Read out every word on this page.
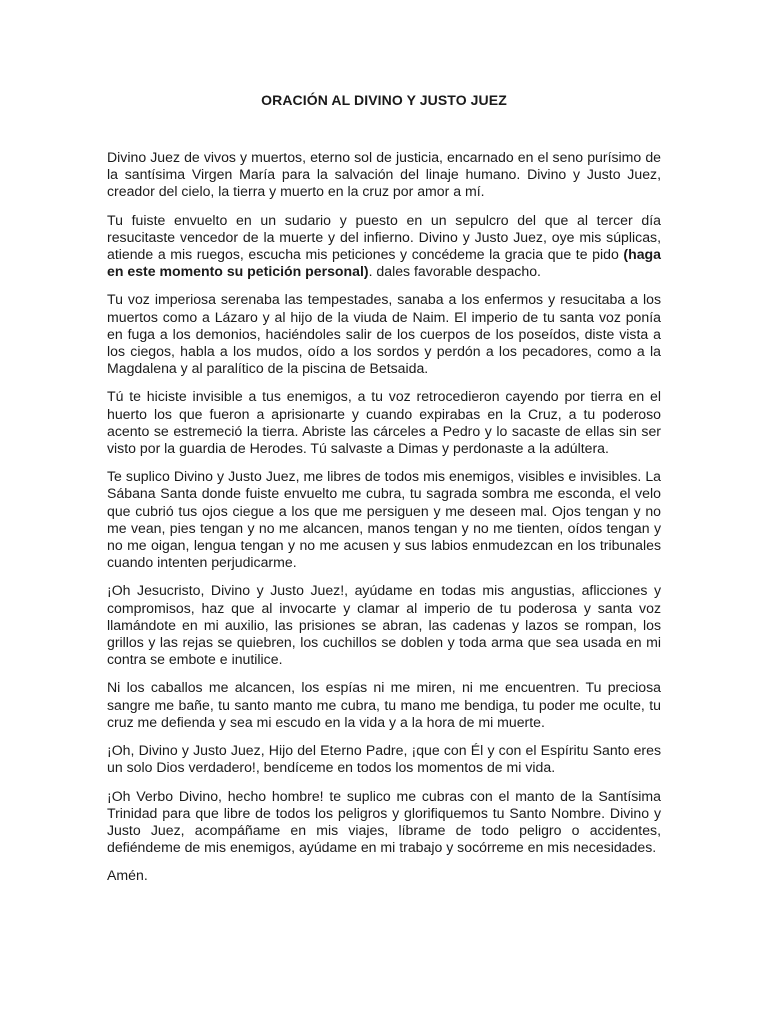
ORACIÓN AL DIVINO Y JUSTO JUEZ

Divino Juez de vivos y muertos, eterno sol de justicia, encarnado en el seno purísimo de la santísima Virgen María para la salvación del linaje humano. Divino y Justo Juez, creador del cielo, la tierra y muerto en la cruz por amor a mí.

Tu fuiste envuelto en un sudario y puesto en un sepulcro del que al tercer día resucitaste vencedor de la muerte y del infierno. Divino y Justo Juez, oye mis súplicas, atiende a mis ruegos, escucha mis peticiones y concédeme la gracia que te pido (haga en este momento su petición personal). dales favorable despacho.

Tu voz imperiosa serenaba las tempestades, sanaba a los enfermos y resucitaba a los muertos como a Lázaro y al hijo de la viuda de Naim. El imperio de tu santa voz ponía en fuga a los demonios, haciéndoles salir de los cuerpos de los poseídos, diste vista a los ciegos, habla a los mudos, oído a los sordos y perdón a los pecadores, como a la Magdalena y al paralítico de la piscina de Betsaida.

Tú te hiciste invisible a tus enemigos, a tu voz retrocedieron cayendo por tierra en el huerto los que fueron a aprisionarte y cuando expirabas en la Cruz, a tu poderoso acento se estremeció la tierra. Abriste las cárceles a Pedro y lo sacaste de ellas sin ser visto por la guardia de Herodes. Tú salvaste a Dimas y perdonaste a la adúltera.

Te suplico Divino y Justo Juez, me libres de todos mis enemigos, visibles e invisibles. La Sábana Santa donde fuiste envuelto me cubra, tu sagrada sombra me esconda, el velo que cubrió tus ojos ciegue a los que me persiguen y me deseen mal. Ojos tengan y no me vean, pies tengan y no me alcancen, manos tengan y no me tienten, oídos tengan y no me oigan, lengua tengan y no me acusen y sus labios enmudezcan en los tribunales cuando intenten perjudicarme.

¡Oh Jesucristo, Divino y Justo Juez!, ayúdame en todas mis angustias, aflicciones y compromisos, haz que al invocarte y clamar al imperio de tu poderosa y santa voz llamándote en mi auxilio, las prisiones se abran, las cadenas y lazos se rompan, los grillos y las rejas se quiebren, los cuchillos se doblen y toda arma que sea usada en mi contra se embote e inutilice.

Ni los caballos me alcancen, los espías ni me miren, ni me encuentren. Tu preciosa sangre me bañe, tu santo manto me cubra, tu mano me bendiga, tu poder me oculte, tu cruz me defienda y sea mi escudo en la vida y a la hora de mi muerte.

¡Oh, Divino y Justo Juez, Hijo del Eterno Padre, ¡que con Él y con el Espíritu Santo eres un solo Dios verdadero!, bendíceme en todos los momentos de mi vida.

¡Oh Verbo Divino, hecho hombre! te suplico me cubras con el manto de la Santísima Trinidad para que libre de todos los peligros y glorifiquemos tu Santo Nombre. Divino y Justo Juez, acompáñame en mis viajes, líbrame de todo peligro o accidentes, defiéndeme de mis enemigos, ayúdame en mi trabajo y socórreme en mis necesidades.

Amén.
